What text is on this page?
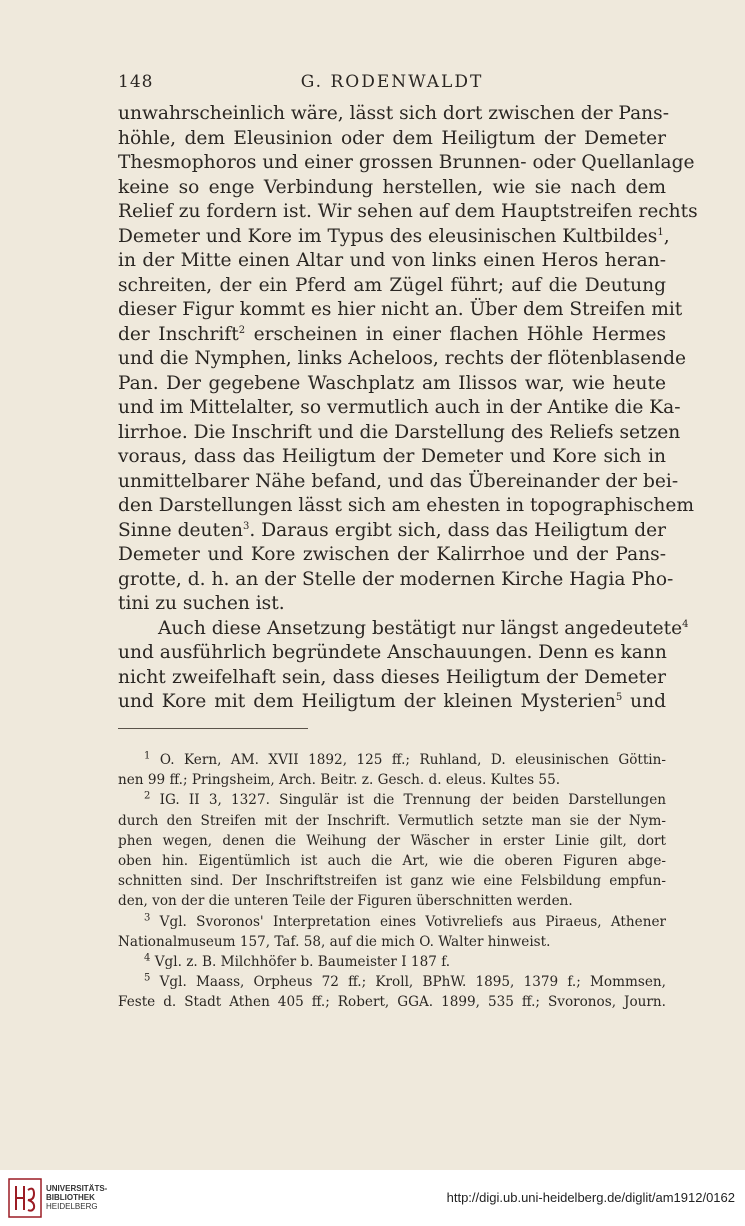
148	G. RODENWALDT
unwahrscheinlich wäre, lässt sich dort zwischen der Pans-
höhle, dem Eleusinion oder dem Heiligtum der Demeter
Thesmophoros und einer grossen Brunnen- oder Quellanlage
keine so enge Verbindung herstellen, wie sie nach dem
Relief zu fordern ist. Wir sehen auf dem Hauptstreifen rechts
Demeter und Kore im Typus des eleusinischen Kultbildes$^1$,
in der Mitte einen Altar und von links einen Heros heran-
schreiten, der ein Pferd am Zügel führt; auf die Deutung
dieser Figur kommt es hier nicht an. Über dem Streifen mit
der Inschrift$^2$ erscheinen in einer flachen Höhle Hermes
und die Nymphen, links Acheloos, rechts der flötenblasende
Pan. Der gegebene Waschplatz am Ilissos war, wie heute
und im Mittelalter, so vermutlich auch in der Antike die Ka-
lirrhoe. Die Inschrift und die Darstellung des Reliefs setzen
voraus, dass das Heiligtum der Demeter und Kore sich in
unmittelbarer Nähe befand, und das Übereinander der bei-
den Darstellungen lässt sich am ehesten in topographischem
Sinne deuten$^3$. Daraus ergibt sich, dass das Heiligtum der
Demeter und Kore zwischen der Kalirrhoe und der Pans-
grotte, d. h. an der Stelle der modernen Kirche Hagia Pho-
tini zu suchen ist.
Auch diese Ansetzung bestätigt nur längst angedeutete$^4$
und ausführlich begründete Anschauungen. Denn es kann
nicht zweifelhaft sein, dass dieses Heiligtum der Demeter
und Kore mit dem Heiligtum der kleinen Mysterien$^5$ und
$^1$ O. Kern, AM. XVII 1892, 125 ff.; Ruhland, D. eleusinischen Göttin-
nen 99 ff.; Pringsheim, Arch. Beitr. z. Gesch. d. eleus. Kultes 55.
$^2$ IG. II 3, 1327. Singulär ist die Trennung der beiden Darstellungen
durch den Streifen mit der Inschrift. Vermutlich setzte man sie der Nym-
phen wegen, denen die Weihung der Wäscher in erster Linie gilt, dort
oben hin. Eigentümlich ist auch die Art, wie die oberen Figuren abge-
schnitten sind. Der Inschriftstreifen ist ganz wie eine Felsbildung empfun-
den, von der die unteren Teile der Figuren überschnitten werden.
$^3$ Vgl. Svoronos' Interpretation eines Votivreliefs aus Piraeus, Athener
Nationalmuseum 157, Taf. 58, auf die mich O. Walter hinweist.
$^4$ Vgl. z. B. Milchhöfer b. Baumeister I 187 f.
$^5$ Vgl. Maass, Orpheus 72 ff.; Kroll, BPhW. 1895, 1379 f.; Mommsen,
Feste d. Stadt Athen 405 ff.; Robert, GGA. 1899, 535 ff.; Svoronos, Journ.
UNIVERSITÄTS-
BIBLIOTHEK
HEIDELBERG
http://digi.ub.uni-heidelberg.de/diglit/am1912/0162
